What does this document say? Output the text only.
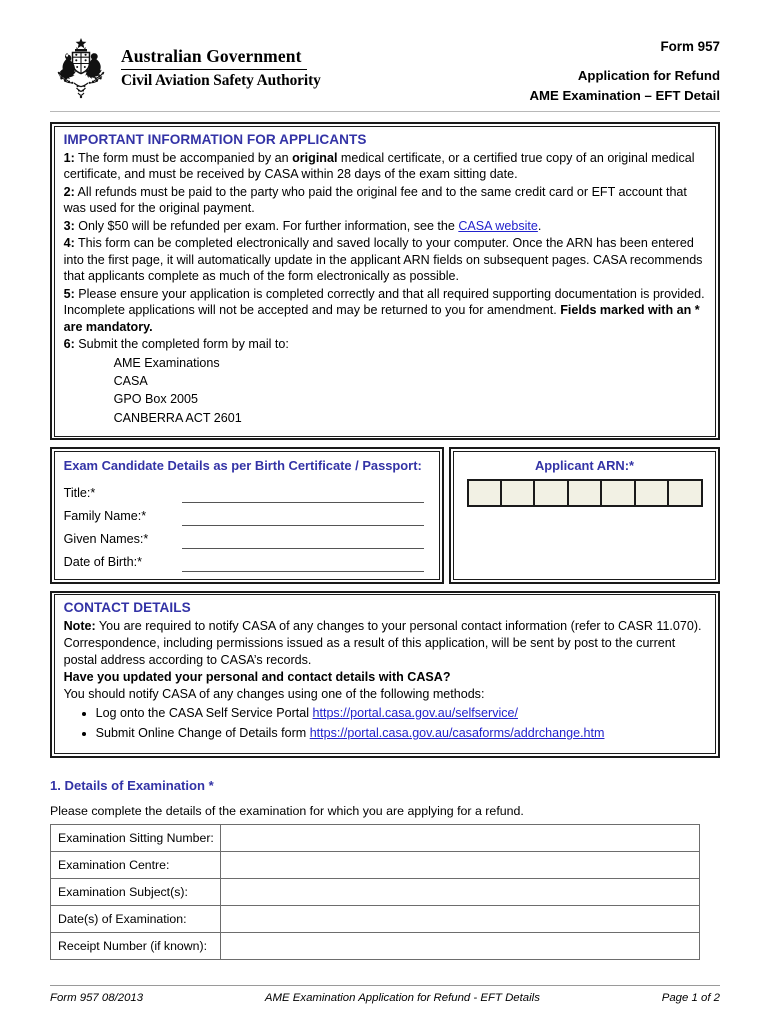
Australian Government
Civil Aviation Safety Authority
Form 957
Application for Refund
AME Examination – EFT Detail
IMPORTANT INFORMATION FOR APPLICANTS

1: The form must be accompanied by an original medical certificate, or a certified true copy of an original medical certificate, and must be received by CASA within 28 days of the exam sitting date.

2: All refunds must be paid to the party who paid the original fee and to the same credit card or EFT account that was used for the original payment.

3: Only $50 will be refunded per exam. For further information, see the CASA website.

4: This form can be completed electronically and saved locally to your computer. Once the ARN has been entered into the first page, it will automatically update in the applicant ARN fields on subsequent pages. CASA recommends that applicants complete as much of the form electronically as possible.

5: Please ensure your application is completed correctly and that all required supporting documentation is provided. Incomplete applications will not be accepted and may be returned to you for amendment. Fields marked with an * are mandatory.

6: Submit the completed form by mail to:

AME Examinations
CASA
GPO Box 2005
CANBERRA ACT 2601
Exam Candidate Details as per Birth Certificate / Passport:
Title:*
Family Name:*
Given Names:*
Date of Birth:*
Applicant ARN:*
CONTACT DETAILS

Note: You are required to notify CASA of any changes to your personal contact information (refer to CASR 11.070). Correspondence, including permissions issued as a result of this application, will be sent by post to the current postal address according to CASA’s records.

Have you updated your personal and contact details with CASA?

You should notify CASA of any changes using one of the following methods:

• Log onto the CASA Self Service Portal https://portal.casa.gov.au/selfservice/
• Submit Online Change of Details form https://portal.casa.gov.au/casaforms/addrchange.htm
1. Details of Examination *
Please complete the details of the examination for which you are applying for a refund.
Examination Sitting Number:	
Examination Centre:	
Examination Subject(s):	
Date(s) of Examination:	
Receipt Number (if known):	
Form 957 08/2013	AME Examination Application for Refund - EFT Details	Page 1 of 2
